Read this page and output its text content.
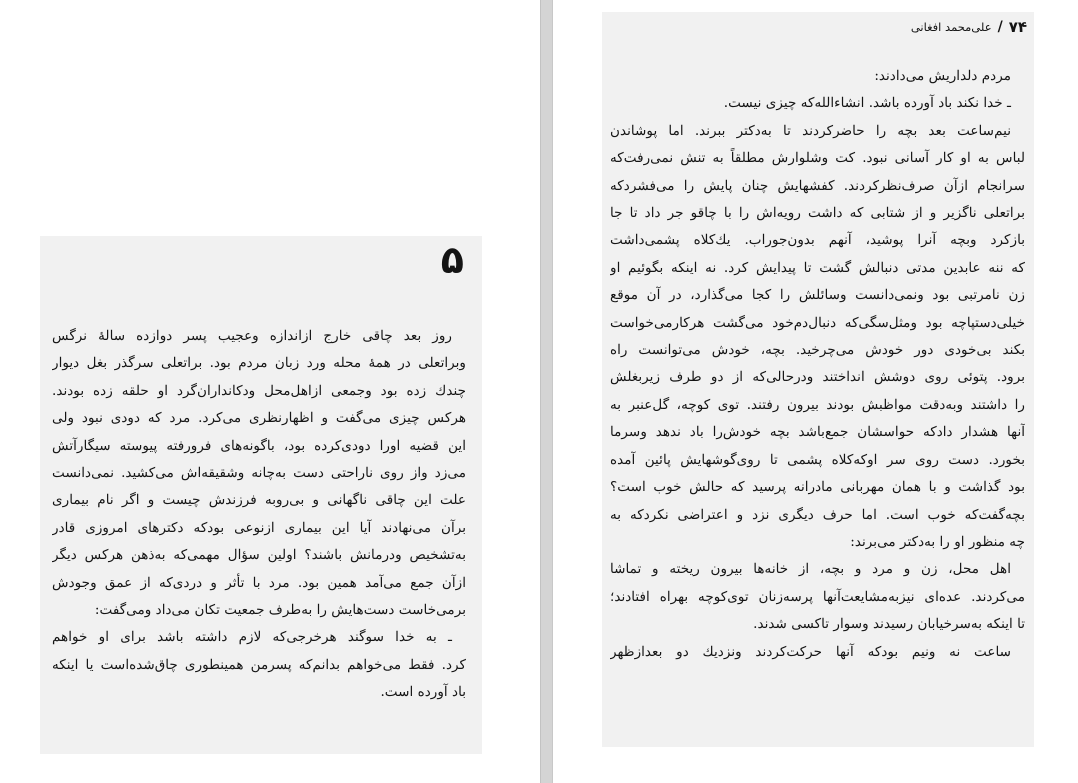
۵
روز بعد چاقی خارج ازاندازه وعجیب پسر دوازده سالهٔ نرگس
وبراتعلی در همهٔ محله ورد زبان مردم بود. براتعلی سرگذر بغل دیوار
چندك زده بود وجمعی ازاهل‌محل ودکانداران‌گرد او حلقه زده بودند.
هرکس چیزی می‌گفت و اظهارنظری می‌کرد. مرد که دودی نبود ولی
این قضیه اورا دودی‌کرده بود، باگونه‌های فرورفته پیوسته سیگارآتش
می‌زد واز روی ناراحتی دست به‌چانه وشقیقه‌اش می‌کشید. نمی‌دانست
علت این چاقی ناگهانی و بی‌روبه فرزندش چیست و اگر نام بیماری
برآن می‌نهادند آیا این بیماری ازنوعی بودکه دکترهای امروزی قادر
به‌تشخیص ودرمانش باشند؟ اولین سؤال مهمی‌که به‌ذهن هرکس دیگر
ازآن جمع می‌آمد همین بود. مرد با تأثر و دردی‌که از عمق وجودش
برمی‌خاست دست‌هایش را به‌طرف جمعیت تکان می‌داد ومی‌گفت:
ـ به خدا سوگند هرخرجی‌که لازم داشته باشد برای او خواهم
کرد. فقط می‌خواهم بدانم‌که پسرمن همینطوری چاق‌شده‌است یا اینکه
باد آورده است.
۷۴
/
علی‌محمد افغانی
مردم دلداریش می‌دادند:
ـ خدا نکند باد آورده باشد. انشاءالله‌که چیزی نیست.
نیم‌ساعت بعد بچه را حاضرکردند تا به‌دکتر ببرند. اما پوشاندن
لباس به او کار آسانی نبود. کت وشلوارش مطلقاً به تنش نمی‌رفت‌که
سرانجام ازآن صرف‌نظرکردند. کفشهایش چنان پایش را می‌فشردکه
براتعلی ناگزیر و از شتابی که داشت رویه‌اش را با چاقو جر داد تا جا
بازکرد وبچه آنرا پوشید، آنهم بدون‌جوراب. یك‌کلاه پشمی‌داشت
که ننه عابدین مدتی دنبالش گشت تا پیدایش کرد. نه اینکه بگوئیم او
زن نامرتبی بود ونمی‌دانست وسائلش را کجا می‌گذارد، در آن موقع
خیلی‌دستپاچه بود ومثل‌سگی‌که دنبال‌دم‌خود می‌گشت هرکارمی‌خواست
بکند بی‌خودی دور خودش می‌چرخید. بچه، خودش می‌توانست راه
برود. پتوئی روی دوشش انداختند ودرحالی‌که از دو طرف زیربغلش
را داشتند وبه‌دقت مواظبش بودند بیرون رفتند. توی کوچه، گل‌عنبر به
آنها هشدار دادکه حواسشان جمع‌باشد بچه خودش‌را باد ندهد وسرما
بخورد. دست روی سر اوکه‌کلاه پشمی تا روی‌گوشهایش پائین آمده
بود گذاشت و با همان مهربانی مادرانه پرسید که حالش خوب است؟
بچه‌گفت‌که خوب است. اما حرف دیگری نزد و اعتراضی نکردکه به
چه منظور او را به‌دکتر می‌برند:
اهل محل، زن و مرد و بچه، از خانه‌ها بیرون ریخته و تماشا
می‌کردند. عده‌ای نیزبه‌مشایعت‌آنها پرسه‌زنان توی‌کوچه بهراه افتادند؛
تا اینکه به‌سرخیابان رسیدند وسوار تاکسی شدند.
ساعت نه ونیم بودکه آنها حرکت‌کردند ونزدیك دو بعدازظهر
